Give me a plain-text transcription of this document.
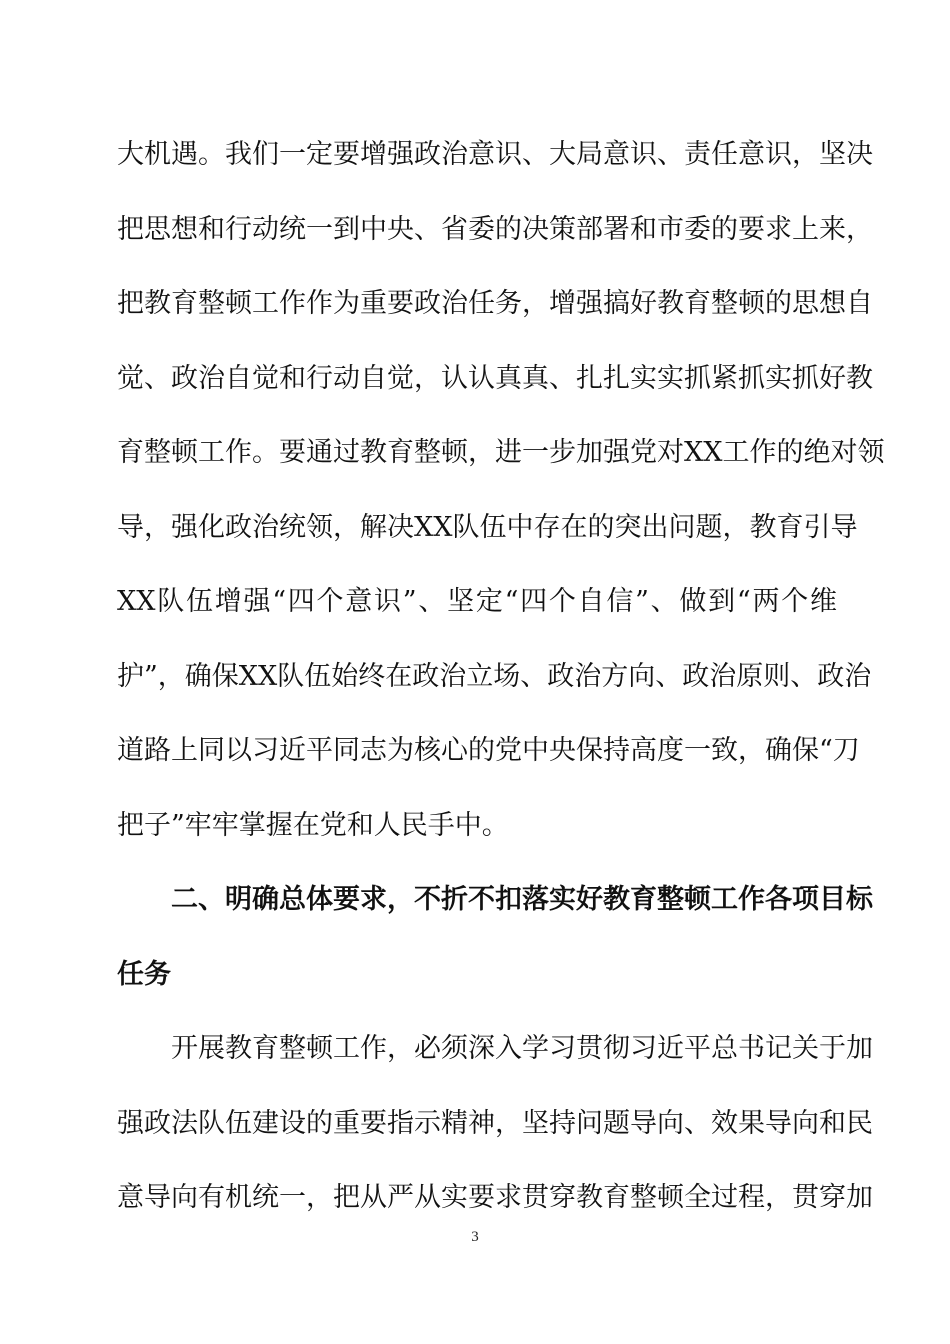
大机遇。我们一定要增强政治意识、大局意识、责任意识，坚决
把思想和行动统一到中央、省委的决策部署和市委的要求上来，
把教育整顿工作作为重要政治任务，增强搞好教育整顿的思想自
觉、政治自觉和行动自觉，认认真真、扎扎实实抓紧抓实抓好教
育整顿工作。要通过教育整顿，进一步加强党对XX工作的绝对领
导，强化政治统领，解决XX队伍中存在的突出问题，教育引导
XX队伍增强“四个意识”、坚定“四个自信”、做到“两个维
护”，确保XX队伍始终在政治立场、政治方向、政治原则、政治
道路上同以习近平同志为核心的党中央保持高度一致，确保“刀
把子”牢牢掌握在党和人民手中。
二、明确总体要求，不折不扣落实好教育整顿工作各项目标
任务
开展教育整顿工作，必须深入学习贯彻习近平总书记关于加
强政法队伍建设的重要指示精神，坚持问题导向、效果导向和民
意导向有机统一，把从严从实要求贯穿教育整顿全过程，贯穿加
3
